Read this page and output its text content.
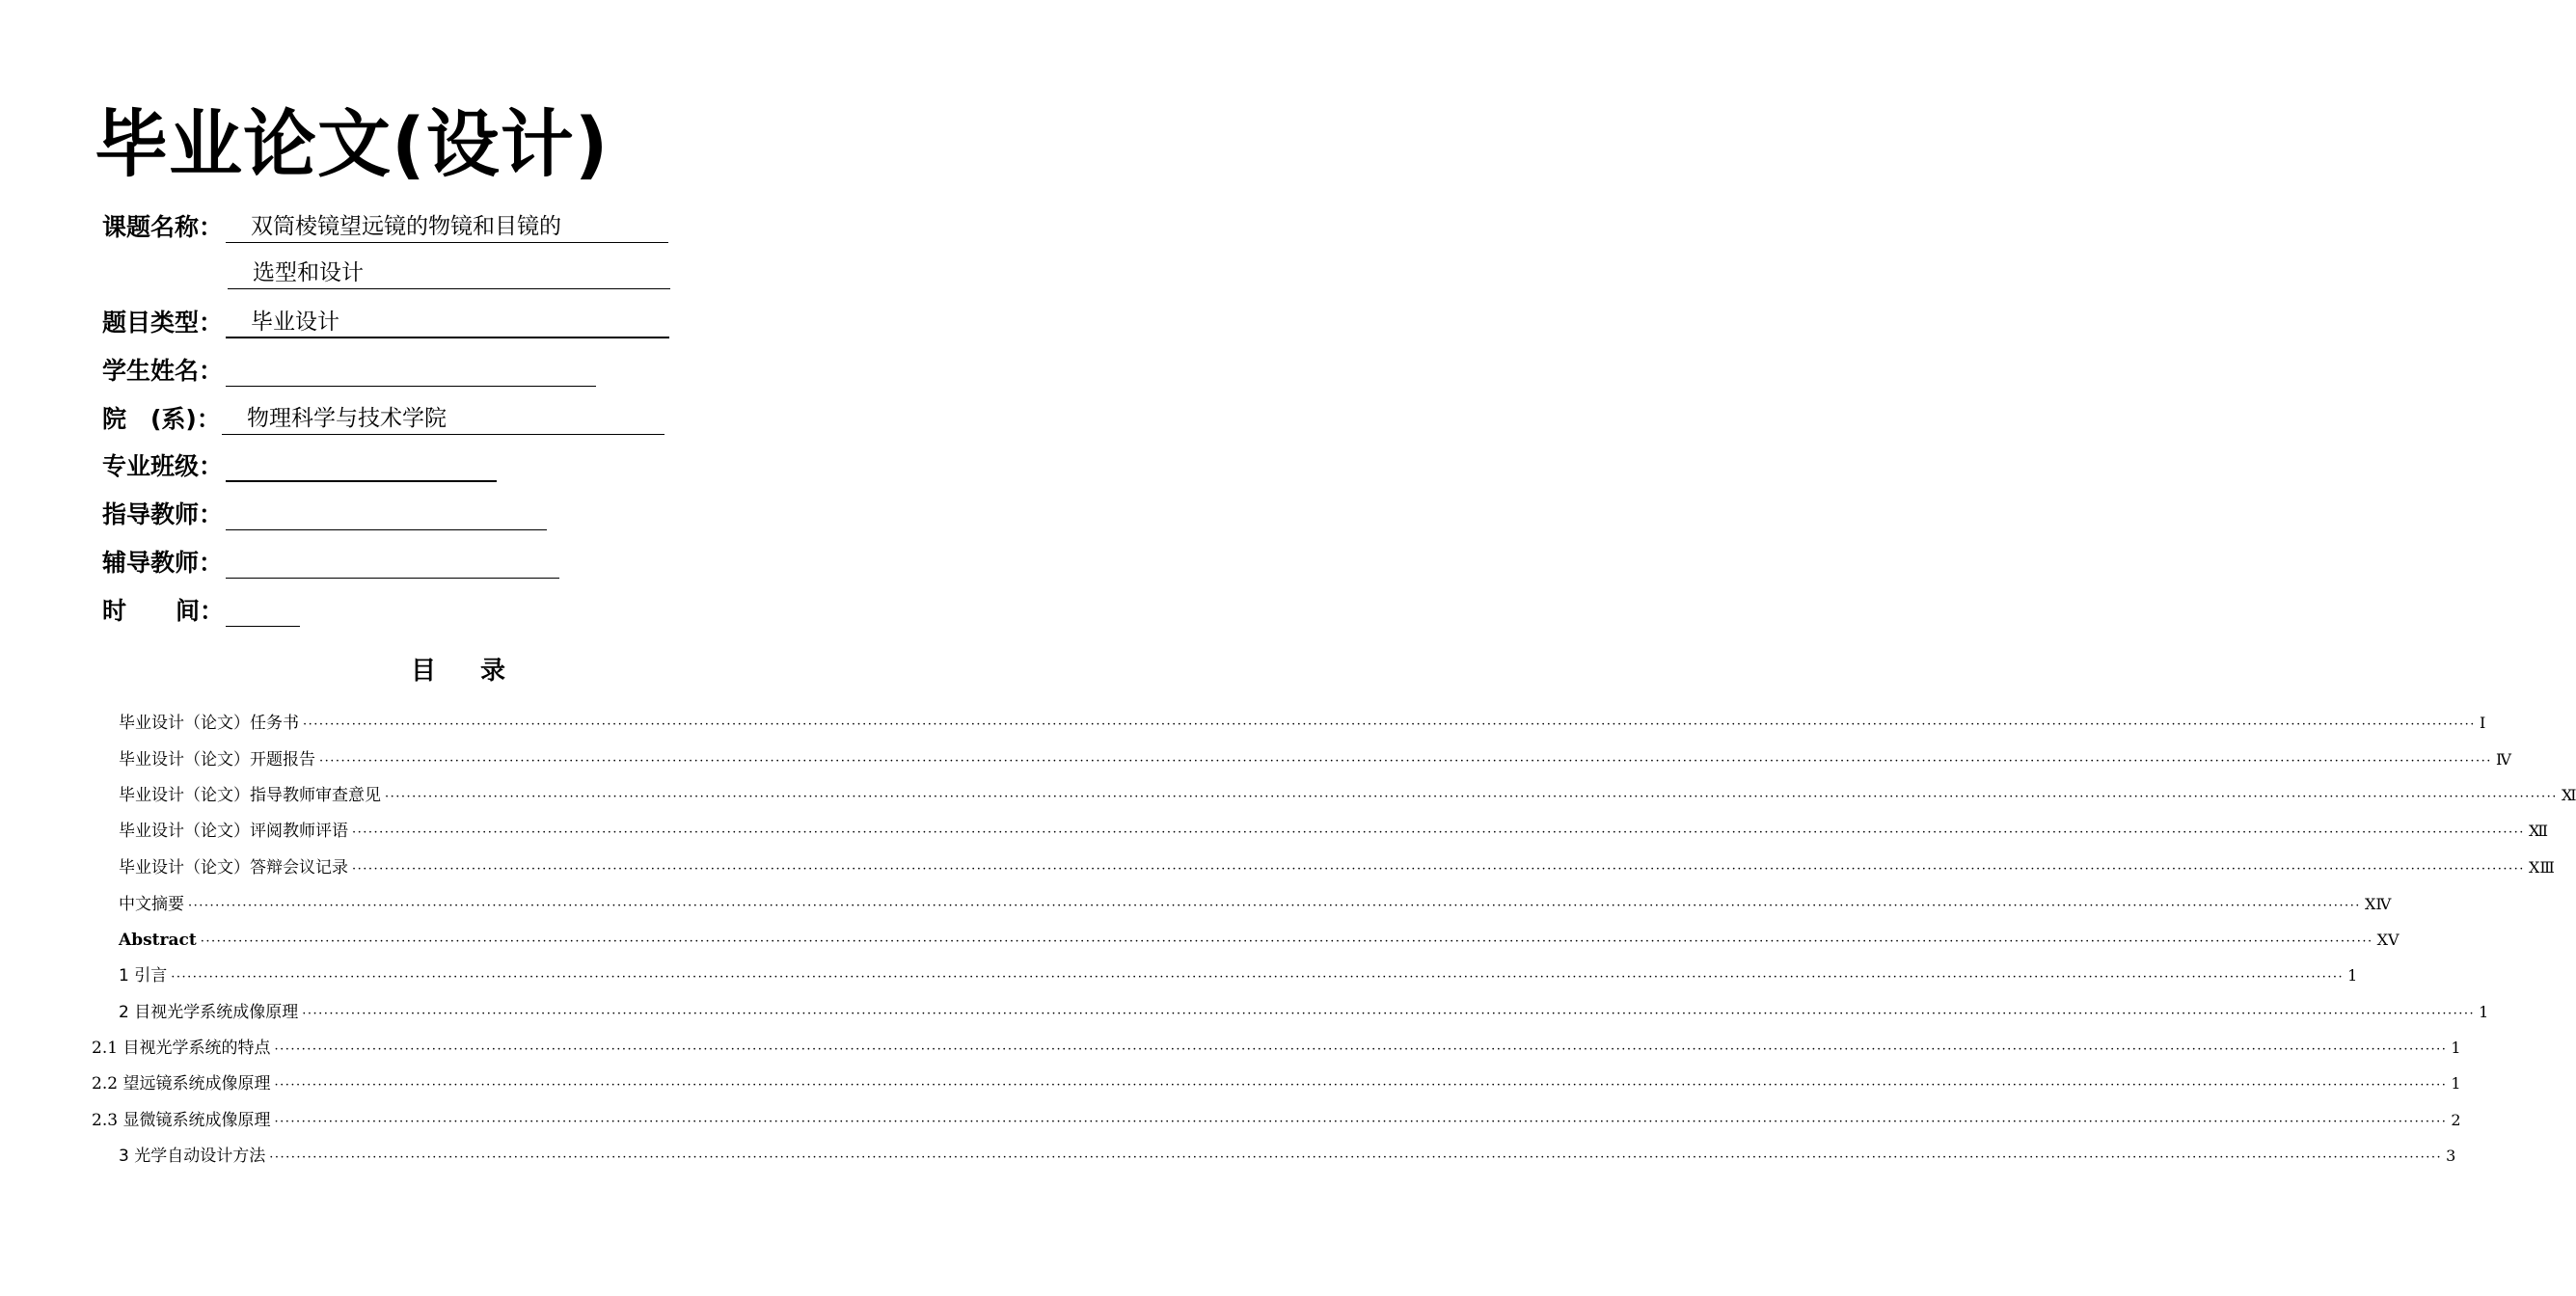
毕业论文(设计)
课题名称：	双筒棱镜望远镜的物镜和目镜的
选型和设计
题目类型：	毕业设计
学生姓名：
院　(系)：	物理科学与技术学院
专业班级：
指导教师：
辅导教师：
时 间：
目录
毕业设计（论文）任务书 ················································································································································································································································································································································································································ I
毕业设计（论文）开题报告 ················································································································································································································································································································································································································ Ⅳ
毕业设计（论文）指导教师审查意见 ················································································································································································································································································································································································································ Ⅺ
毕业设计（论文）评阅教师评语 ················································································································································································································································································································································································································ Ⅻ
毕业设计（论文）答辩会议记录 ················································································································································································································································································································································································································ ⅩⅢ
中文摘要 ················································································································································································································································································································································································································ ⅩⅣ
Abstract ················································································································································································································································································································································································································ ⅩⅤ
1 引言 ················································································································································································································································································································································································································ 1
2 目视光学系统成像原理 ················································································································································································································································································································································································································ 1
2.1 目视光学系统的特点 ················································································································································································································································································································································································································ 1
2.2 望远镜系统成像原理 ················································································································································································································································································································································································································ 1
2.3 显微镜系统成像原理 ················································································································································································································································································································································································································ 2
3 光学自动设计方法 ················································································································································································································································································································································································································ 3
